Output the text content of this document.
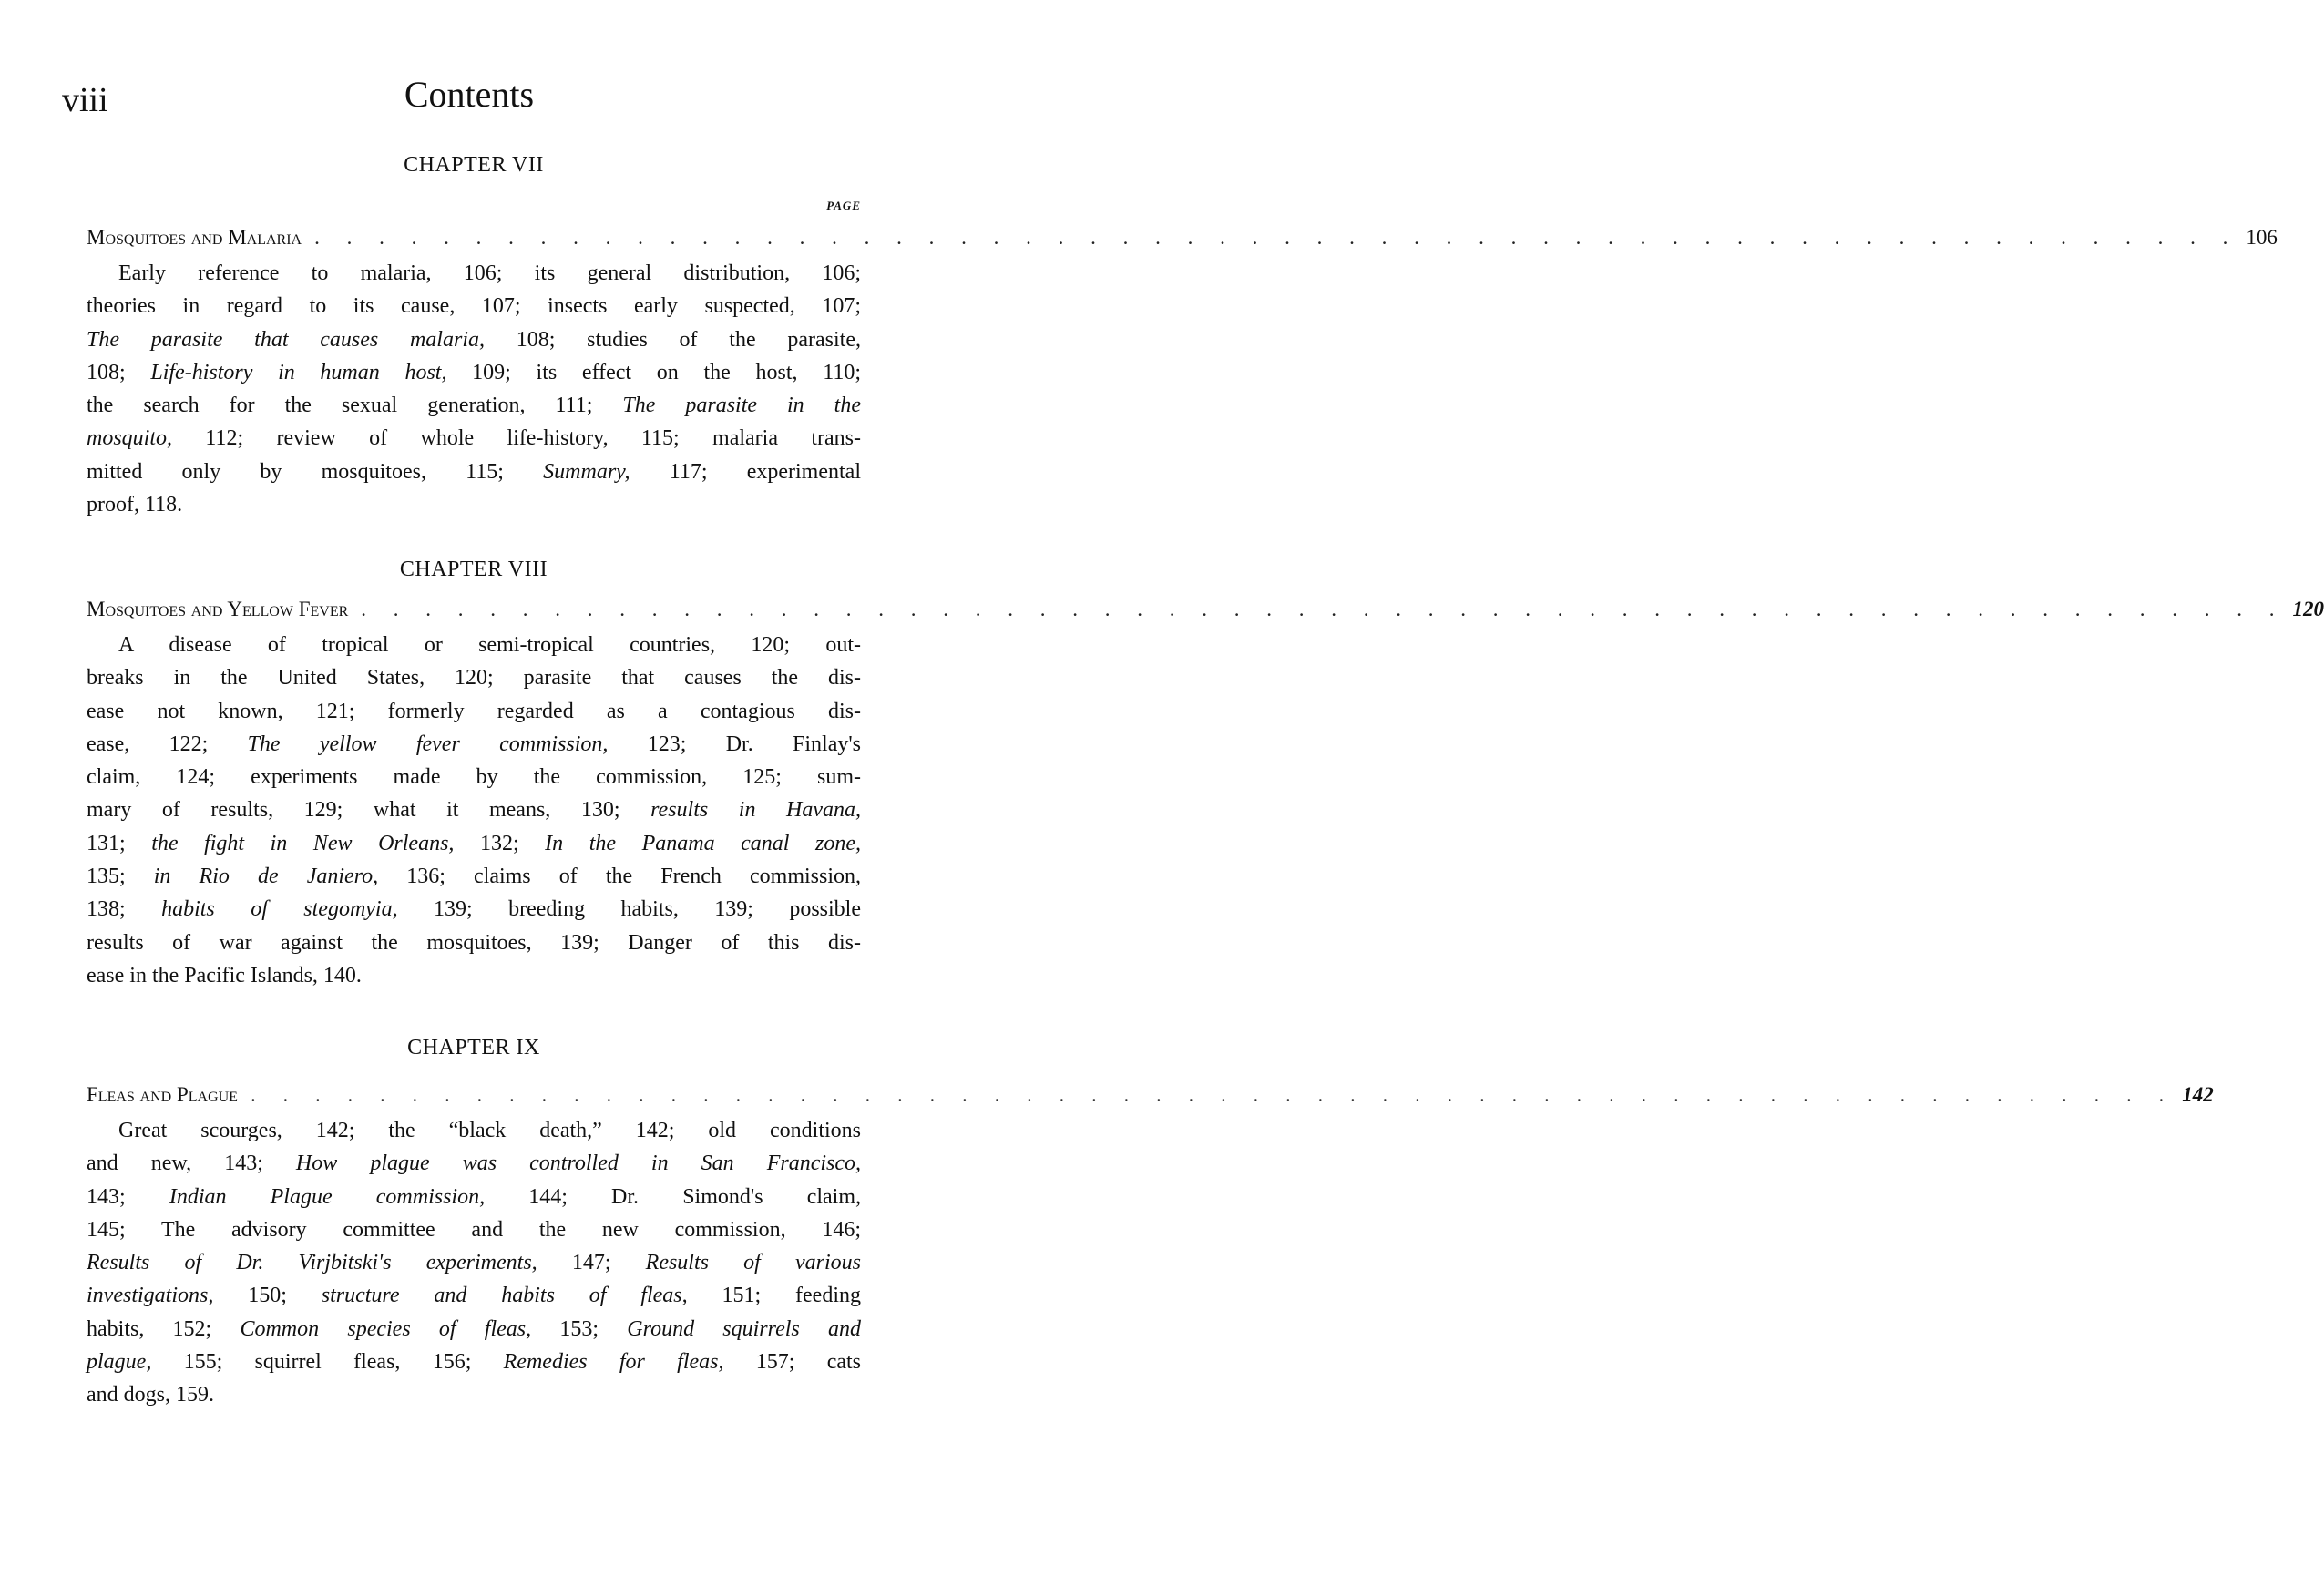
viii	Contents
PAGE
CHAPTER VII
Mosquitoes and Malaria . . . . . . . . . . . . . . . . . . . . . . . . . . . . . . . . . . . . . . . . . . . . . . . . . . . . . . . . . . . . 106
Early reference to malaria, 106; its general distribution, 106;
theories in regard to its cause, 107; insects early suspected, 107;
The parasite that causes malaria, 108; studies of the parasite,
108; Life-history in human host, 109; its effect on the host, 110;
the search for the sexual generation, 111; The parasite in the
mosquito, 112; review of whole life-history, 115; malaria trans-
mitted only by mosquitoes, 115; Summary, 117; experimental
proof, 118.
CHAPTER VIII
Mosquitoes and Yellow Fever . . . . . . . . . . . . . . . . . . . . . . . . . . . . . . . . . . . . . . . . . . . . . . . . . . . . . . . . . . . . 120
A disease of tropical or semi-tropical countries, 120; out-
breaks in the United States, 120; parasite that causes the dis-
ease not known, 121; formerly regarded as a contagious dis-
ease, 122; The yellow fever commission, 123; Dr. Finlay's
claim, 124; experiments made by the commission, 125; sum-
mary of results, 129; what it means, 130; results in Havana,
131; the fight in New Orleans, 132; In the Panama canal zone,
135; in Rio de Janiero, 136; claims of the French commission,
138; habits of stegomyia, 139; breeding habits, 139; possible
results of war against the mosquitoes, 139; Danger of this dis-
ease in the Pacific Islands, 140.
CHAPTER IX
Fleas and Plague . . . . . . . . . . . . . . . . . . . . . . . . . . . . . . . . . . . . . . . . . . . . . . . . . . . . . . . . . . . . 142
Great scourges, 142; the “black death,” 142; old conditions
and new, 143; How plague was controlled in San Francisco,
143; Indian Plague commission, 144; Dr. Simond's claim,
145; The advisory committee and the new commission, 146;
Results of Dr. Virjbitski's experiments, 147; Results of various
investigations, 150; structure and habits of fleas, 151; feeding
habits, 152; Common species of fleas, 153; Ground squirrels and
plague, 155; squirrel fleas, 156; Remedies for fleas, 157; cats
and dogs, 159.
